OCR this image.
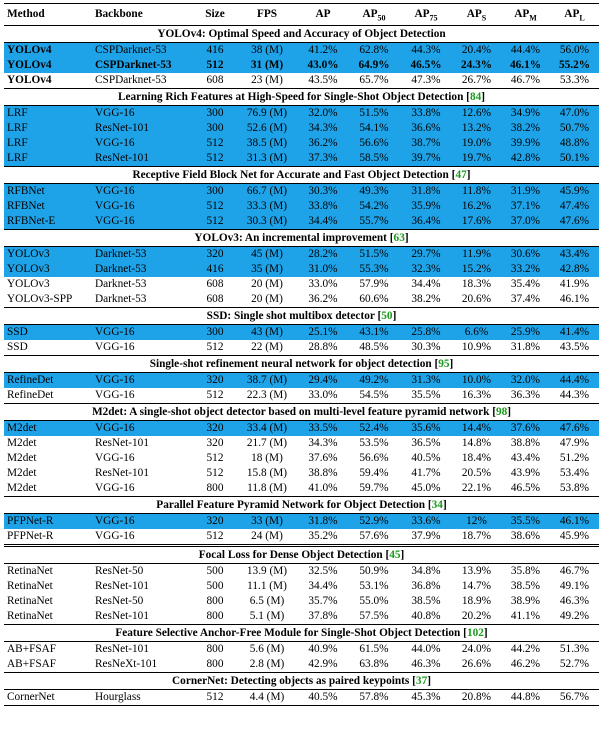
Method	Backbone	Size	FPS	AP	$AP_{50}$	$AP_{75}$	$AP_S$	$AP_M$	$AP_L$
YOLOv4: Optimal Speed and Accuracy of Object Detection									
YOLOv4	CSPDarknet-53	416	38 (M)	41.2%	62.8%	44.3%	20.4%	44.4%	56.0%
YOLOv4	CSPDarknet-53	512	31 (M)	43.0%	64.9%	46.5%	24.3%	46.1%	55.2%
YOLOv4	CSPDarknet-53	608	23 (M)	43.5%	65.7%	47.3%	26.7%	46.7%	53.3%
Learning Rich Features at High-Speed for Single-Shot Object Detection [84]									
LRF	VGG-16	300	76.9 (M)	32.0%	51.5%	33.8%	12.6%	34.9%	47.0%
LRF	ResNet-101	300	52.6 (M)	34.3%	54.1%	36.6%	13.2%	38.2%	50.7%
LRF	VGG-16	512	38.5 (M)	36.2%	56.6%	38.7%	19.0%	39.9%	48.8%
LRF	ResNet-101	512	31.3 (M)	37.3%	58.5%	39.7%	19.7%	42.8%	50.1%
Receptive Field Block Net for Accurate and Fast Object Detection [47]									
RFBNet	VGG-16	300	66.7 (M)	30.3%	49.3%	31.8%	11.8%	31.9%	45.9%
RFBNet	VGG-16	512	33.3 (M)	33.8%	54.2%	35.9%	16.2%	37.1%	47.4%
RFBNet-E	VGG-16	512	30.3 (M)	34.4%	55.7%	36.4%	17.6%	37.0%	47.6%
YOLOv3: An incremental improvement [63]									
YOLOv3	Darknet-53	320	45 (M)	28.2%	51.5%	29.7%	11.9%	30.6%	43.4%
YOLOv3	Darknet-53	416	35 (M)	31.0%	55.3%	32.3%	15.2%	33.2%	42.8%
YOLOv3	Darknet-53	608	20 (M)	33.0%	57.9%	34.4%	18.3%	35.4%	41.9%
YOLOv3-SPP	Darknet-53	608	20 (M)	36.2%	60.6%	38.2%	20.6%	37.4%	46.1%
SSD: Single shot multibox detector [50]									
SSD	VGG-16	300	43 (M)	25.1%	43.1%	25.8%	6.6%	25.9%	41.4%
SSD	VGG-16	512	22 (M)	28.8%	48.5%	30.3%	10.9%	31.8%	43.5%
Single-shot refinement neural network for object detection [95]									
RefineDet	VGG-16	320	38.7 (M)	29.4%	49.2%	31.3%	10.0%	32.0%	44.4%
RefineDet	VGG-16	512	22.3 (M)	33.0%	54.5%	35.5%	16.3%	36.3%	44.3%
M2det: A single-shot object detector based on multi-level feature pyramid network [98]									
M2det	VGG-16	320	33.4 (M)	33.5%	52.4%	35.6%	14.4%	37.6%	47.6%
M2det	ResNet-101	320	21.7 (M)	34.3%	53.5%	36.5%	14.8%	38.8%	47.9%
M2det	VGG-16	512	18 (M)	37.6%	56.6%	40.5%	18.4%	43.4%	51.2%
M2det	ResNet-101	512	15.8 (M)	38.8%	59.4%	41.7%	20.5%	43.9%	53.4%
M2det	VGG-16	800	11.8 (M)	41.0%	59.7%	45.0%	22.1%	46.5%	53.8%
Parallel Feature Pyramid Network for Object Detection [34]									
PFPNet-R	VGG-16	320	33 (M)	31.8%	52.9%	33.6%	12%	35.5%	46.1%
PFPNet-R	VGG-16	512	24 (M)	35.2%	57.6%	37.9%	18.7%	38.6%	45.9%
Focal Loss for Dense Object Detection [45]									
RetinaNet	ResNet-50	500	13.9 (M)	32.5%	50.9%	34.8%	13.9%	35.8%	46.7%
RetinaNet	ResNet-101	500	11.1 (M)	34.4%	53.1%	36.8%	14.7%	38.5%	49.1%
RetinaNet	ResNet-50	800	6.5 (M)	35.7%	55.0%	38.5%	18.9%	38.9%	46.3%
RetinaNet	ResNet-101	800	5.1 (M)	37.8%	57.5%	40.8%	20.2%	41.1%	49.2%
Feature Selective Anchor-Free Module for Single-Shot Object Detection [102]									
AB+FSAF	ResNet-101	800	5.6 (M)	40.9%	61.5%	44.0%	24.0%	44.2%	51.3%
AB+FSAF	ResNeXt-101	800	2.8 (M)	42.9%	63.8%	46.3%	26.6%	46.2%	52.7%
CornerNet: Detecting objects as paired keypoints [37]									
CornerNet	Hourglass	512	4.4 (M)	40.5%	57.8%	45.3%	20.8%	44.8%	56.7%
